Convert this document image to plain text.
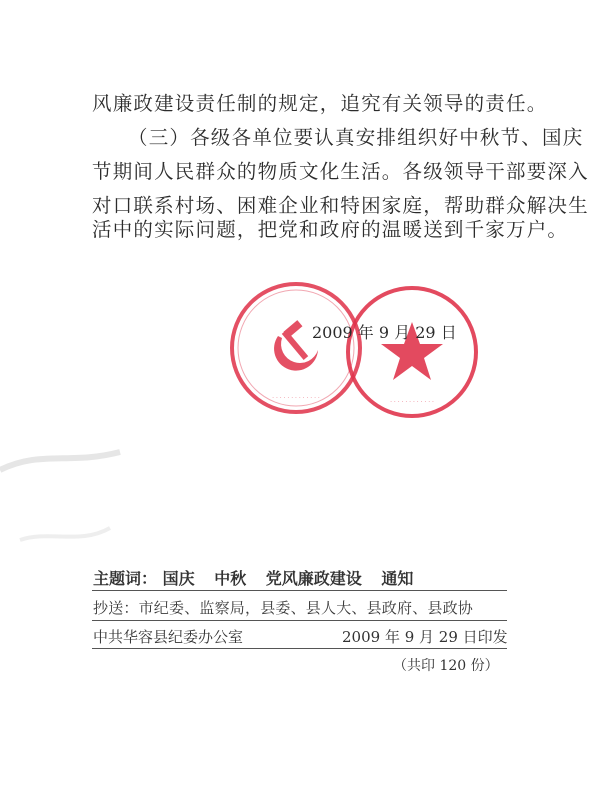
风廉政建设责任制的规定，追究有关领导的责任。
（三）各级各单位要认真安排组织好中秋节、国庆
节期间人民群众的物质文化生活。各级领导干部要深入
对口联系村场、困难企业和特困家庭，帮助群众解决生
活中的实际问题，把党和政府的温暖送到千家万户。
· · · · · · · · · · · · ·
· · · · · · · · · · · ·
2009 年 9 月 29 日
主题词： 国庆 中秋 党风廉政建设 通知
抄送：市纪委、监察局，县委、县人大、县政府、县政协
中共华容县纪委办公室	2009 年 9 月 29 日印发
（共印 120 份）
